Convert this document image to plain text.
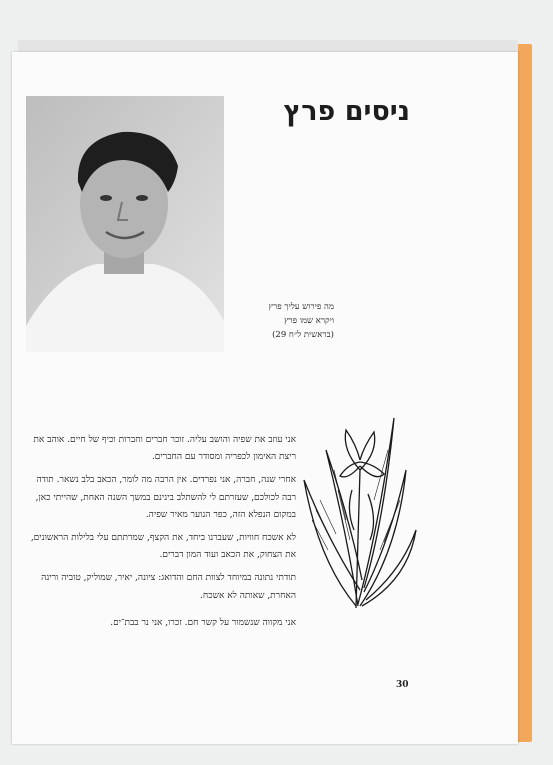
ניסים פרץ
מה פירוש עליך פרץ
ויקרא שמו פרץ
(בראשית ל״ח 29)

אני עוזב את שפיה והושב עליה. זוכר חברים וחברות וכיף של חיים. אוהב את ריצת האימון לכפריה ומסודר עם החברים.

אחרי שנה, חברה, אני נפרדים. אין הרבה מה לומר, הכאב בלב נשאר. תודה רבה לכולכם, שעזרתם לי להשתלב בינינם במשך השנה האחת, שהייתי כאן, במקום הנפלא הזה, כפר הנוער מאיר שפיה.

לא אשכח חוויות, שעברנו ביחד, את הקצף, שמרתתם עלי בלילות הראשונים, את הצחוק, את הכאב ועוד המון דברים.

תודתי נתונה במיוחד לצוות החם והדואג: ציונה, יאיר, שמוליק, טוביה ורינה האחרת, שאותה לא אשכח.

אני מקווה שנשמור על קשר חם. זכרו, אני נר בבת־ים.

30
